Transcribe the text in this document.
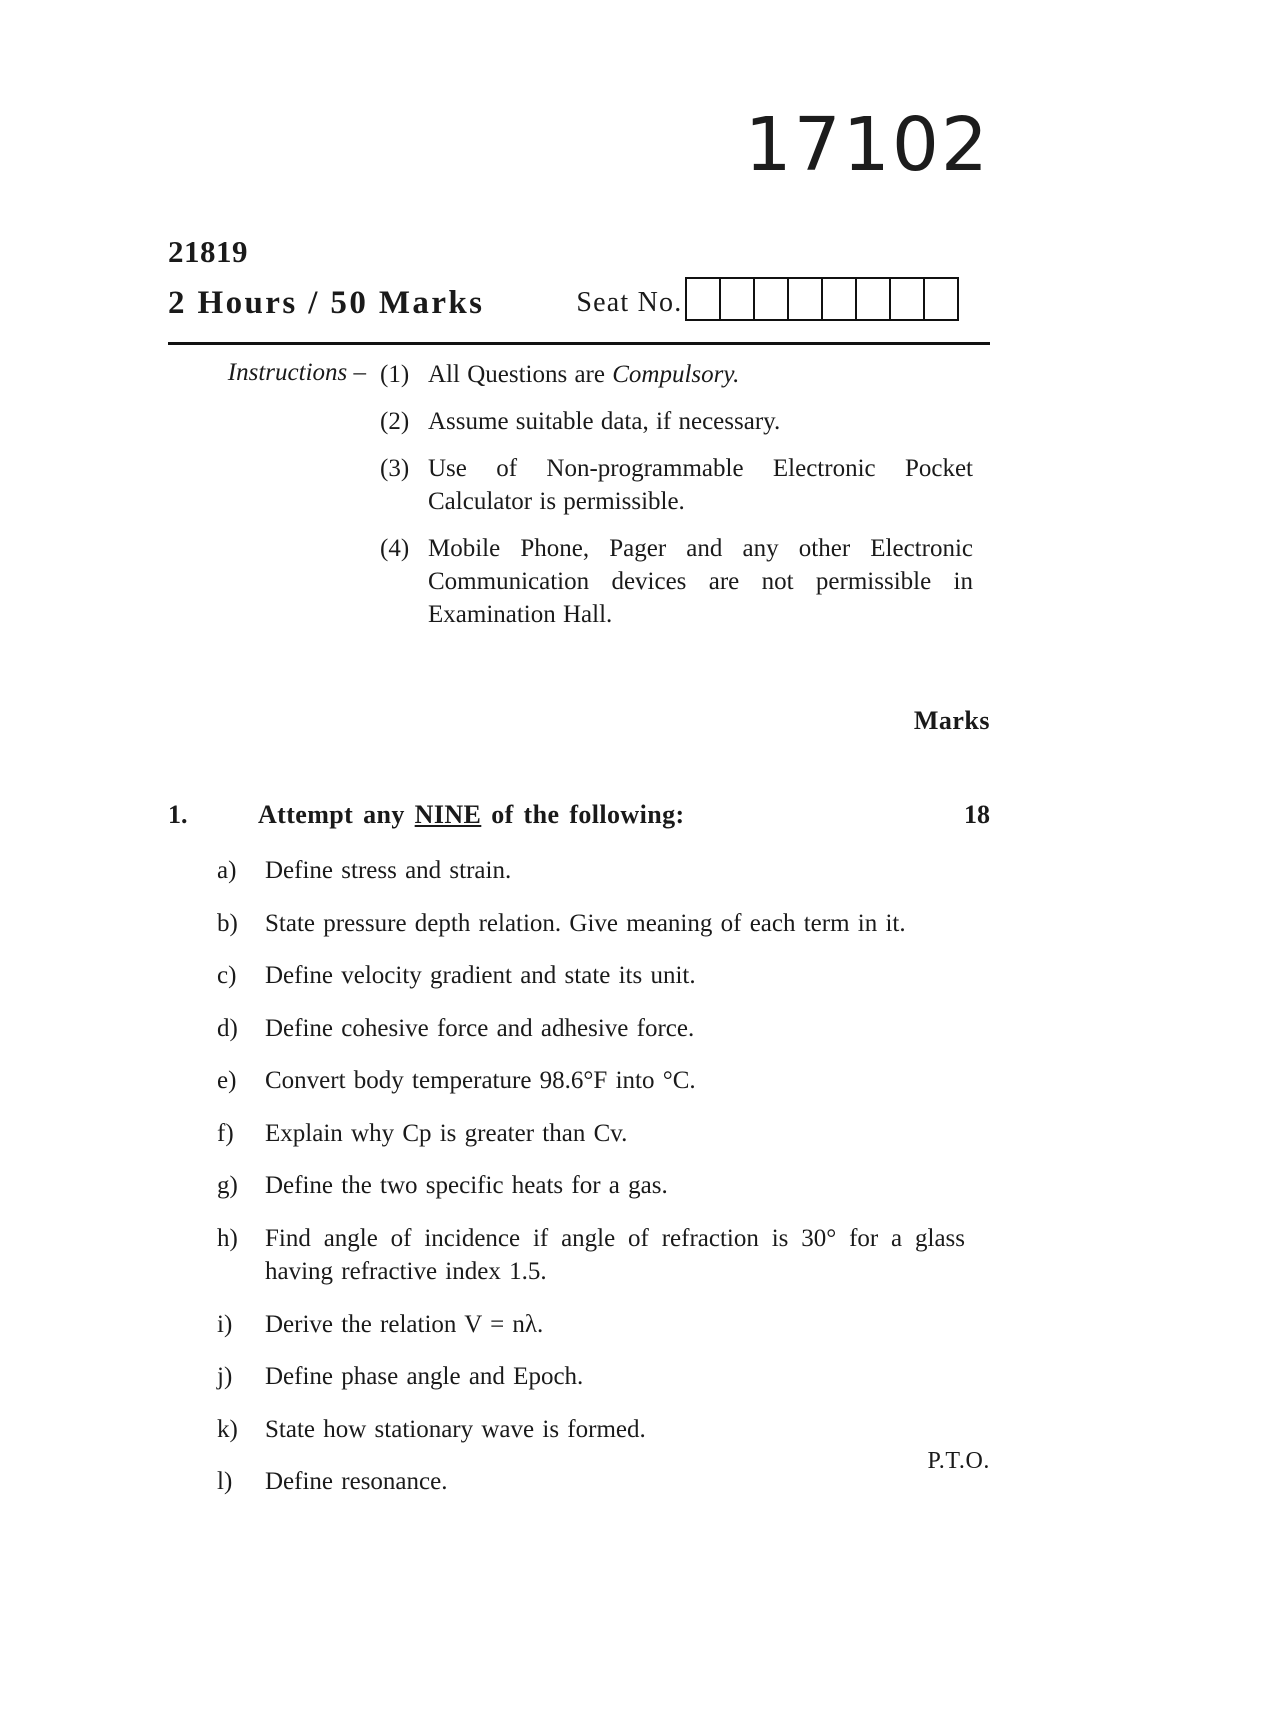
17102
21819
2 Hours / 50 Marks	Seat No.
Instructions – (1) All Questions are Compulsory.
(2) Assume suitable data, if necessary.
(3) Use of Non-programmable Electronic Pocket Calculator is permissible.
(4) Mobile Phone, Pager and any other Electronic Communication devices are not permissible in Examination Hall.
Marks
1.	Attempt any NINE of the following:	18
a)	Define stress and strain.
b)	State pressure depth relation. Give meaning of each term in it.
c)	Define velocity gradient and state its unit.
d)	Define cohesive force and adhesive force.
e)	Convert body temperature 98.6°F into °C.
f)	Explain why Cp is greater than Cv.
g)	Define the two specific heats for a gas.
h)	Find angle of incidence if angle of refraction is 30° for a glass having refractive index 1.5.
i)	Derive the relation V = nλ.
j)	Define phase angle and Epoch.
k)	State how stationary wave is formed.
l)	Define resonance.
P.T.O.
